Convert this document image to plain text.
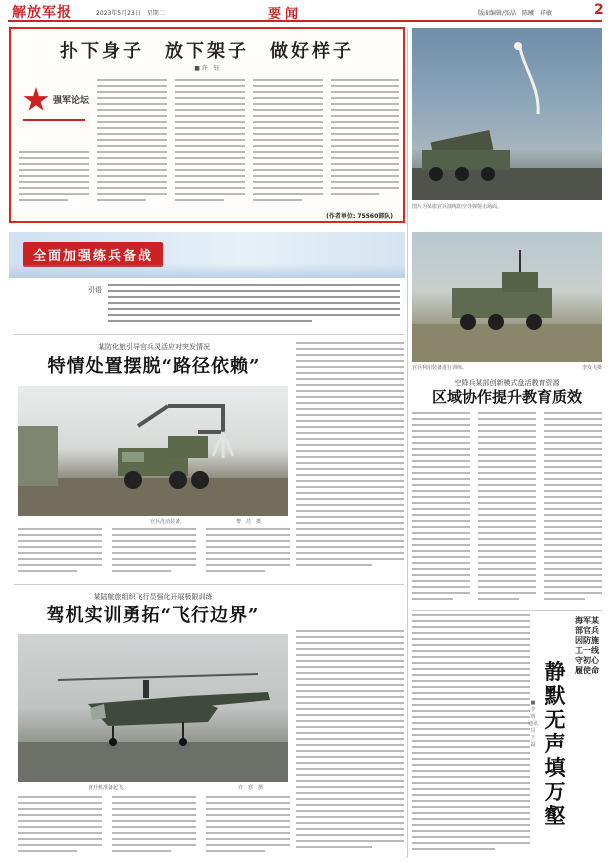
解放军报	2023年5月23日　星期二	要闻	版面编辑/张晶　陈曦　祥敏	2
扑下身子　放下架子　做好样子
■ 许　钰
强军论坛
(作者单位: 75560部队)
全面加强练兵备战
引语
某防化旅引导官兵灵活应对突发情况
特情处置摆脱“路径依赖”
官兵洗消装备。	黎　昌　摄
某陆航旅组织飞行员强化开展极限训练
驾机实训勇拓“飞行边界”
直升机准备起飞。	许　寒　摄
图片为某旅官兵演练防空导弹射击场面。
官兵利用装备进行训练。	李发飞摄
空降兵某部创新模式盘活教育资源
区域协作提升教育质效
海军某部官兵因防施工一线守初心履使命
静默无声填万壑
■ 李　明　通讯员　王　磊
